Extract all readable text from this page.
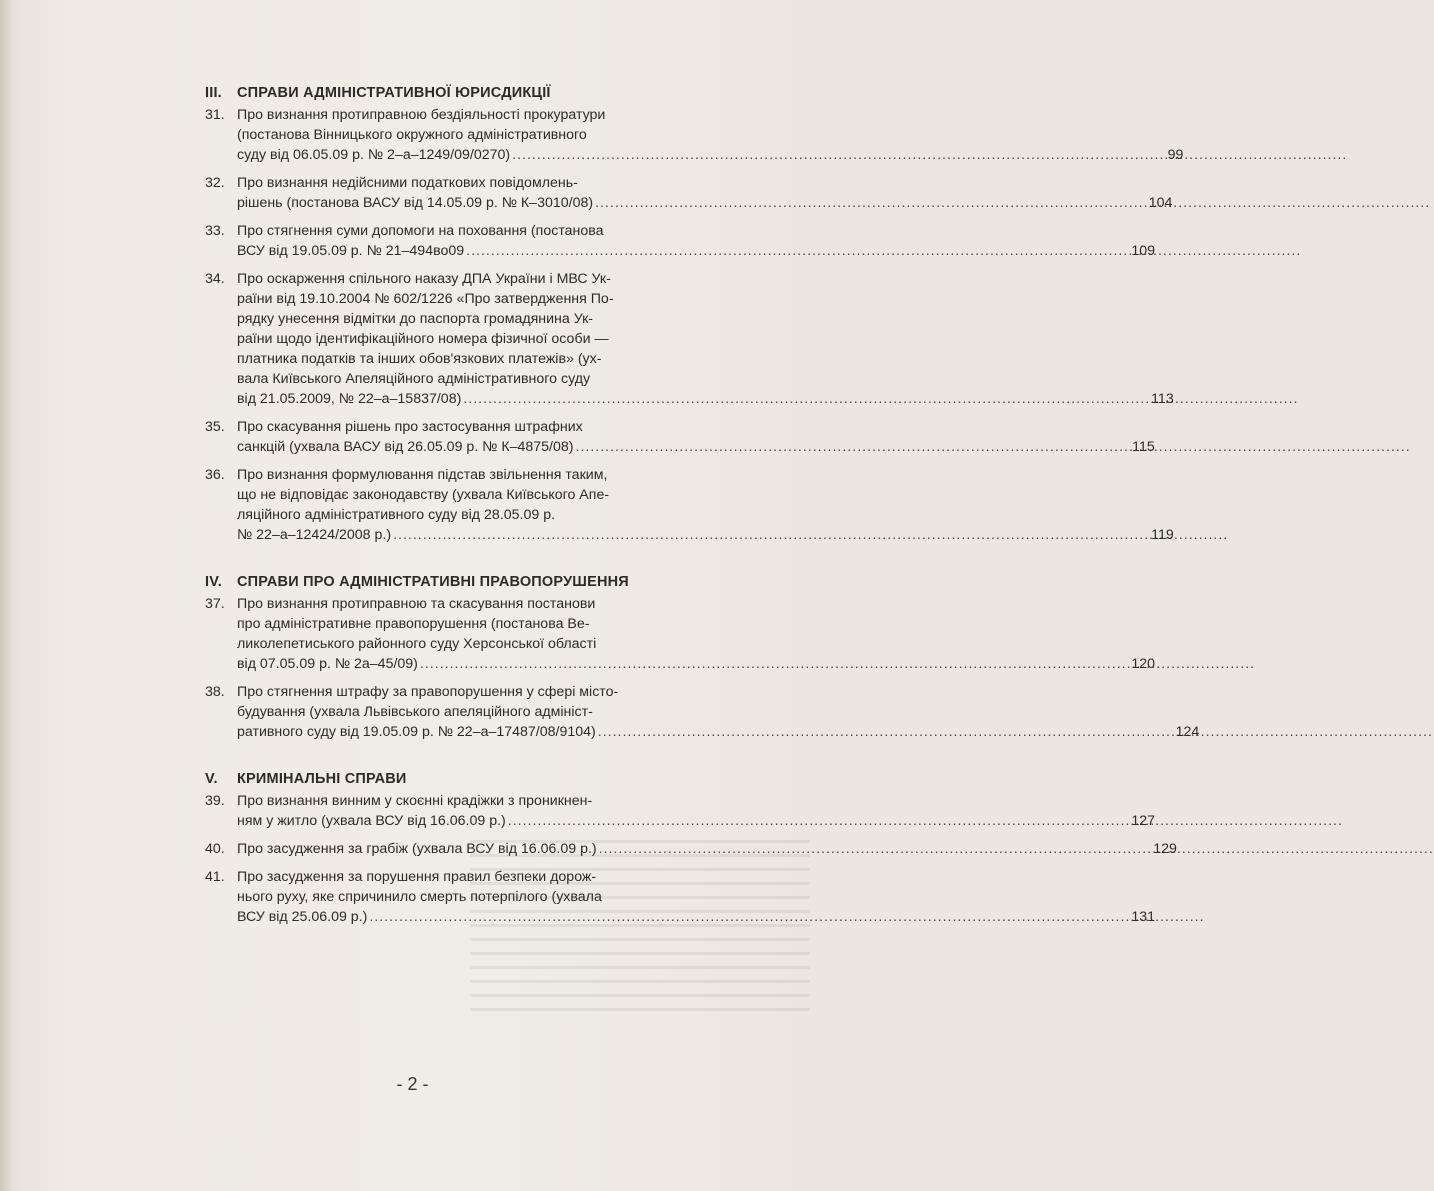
III.	СПРАВИ АДМІНІСТРАТИВНОЇ ЮРИСДИКЦІЇ
31. Про визнання протиправною бездіяльності прокуратури
(постанова Вінницького окружного адміністративного
суду від 06.05.09 р. № 2–а–1249/09/0270) .....	99
32. Про визнання недійсними податкових повідомлень-
рішень (постанова ВАСУ від 14.05.09 р. № К–3010/08) .....	104
33. Про стягнення суми допомоги на поховання (постанова
ВСУ від 19.05.09 р. № 21–494во09 .....	109
34. Про оскарження спільного наказу ДПА України і МВС Ук-
раїни від 19.10.2004 № 602/1226 «Про затвердження По-
рядку унесення відмітки до паспорта громадянина Ук-
раїни щодо ідентифікаційного номера фізичної особи —
платника податків та інших обов'язкових платежів» (ух-
вала Київського Апеляційного адміністративного суду
від 21.05.2009, № 22–а–15837/08) .....	113
35. Про скасування рішень про застосування штрафних
санкцій (ухвала ВАСУ від 26.05.09 р. № К–4875/08) .....	115
36. Про визнання формулювання підстав звільнення таким,
що не відповідає законодавству (ухвала Київського Апе-
ляційного адміністративного суду від 28.05.09 р.
№ 22–а–12424/2008 р.) .....	119
IV.	СПРАВИ ПРО АДМІНІСТРАТИВНІ ПРАВОПОРУШЕННЯ
37. Про визнання протиправною та скасування постанови
про адміністративне правопорушення (постанова Ве-
ликолепетиського районного суду Херсонської області
від 07.05.09 р. № 2а–45/09) .....	120
38. Про стягнення штрафу за правопорушення у сфері місто-
будування (ухвала Львівського апеляційного адмініст-
ративного суду від 19.05.09 р. № 22–а–17487/08/9104) .....	124
V.	КРИМІНАЛЬНІ СПРАВИ
39. Про визнання винним у скоєнні крадіжки з проникнен-
ням у житло (ухвала ВСУ від 16.06.09 р.) .....	127
40. Про засудження за грабіж (ухвала ВСУ від 16.06.09 р.) .....	129
41. Про засудження за порушення правил безпеки дорож-
нього руху, яке спричинило смерть потерпілого (ухвала
ВСУ від 25.06.09 р.) .....	131
- 2 -
